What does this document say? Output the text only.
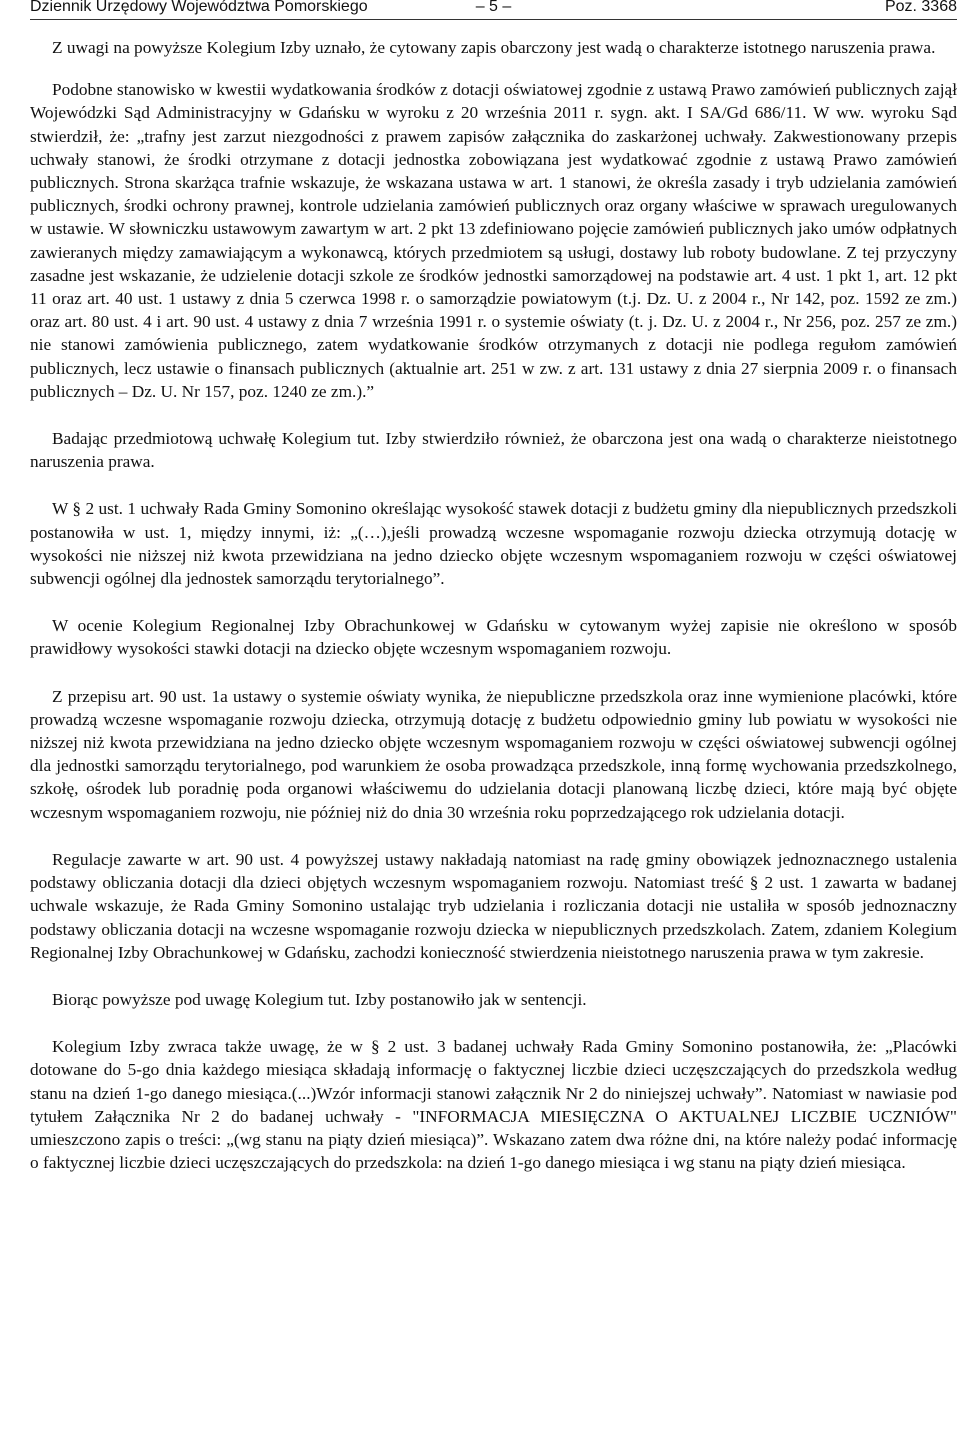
Dziennik Urzędowy Województwa Pomorskiego	– 5 –	Poz. 3368

Z uwagi na powyższe Kolegium Izby uznało, że cytowany zapis obarczony jest wadą o charakterze istotnego naruszenia prawa.

Podobne stanowisko w kwestii wydatkowania środków z dotacji oświatowej zgodnie z ustawą Prawo zamówień publicznych zajął Wojewódzki Sąd Administracyjny w Gdańsku w wyroku z 20 września 2011 r. sygn. akt. I SA/Gd 686/11. W ww. wyroku Sąd stwierdził, że: „trafny jest zarzut niezgodności z prawem zapisów załącznika do zaskarżonej uchwały. Zakwestionowany przepis uchwały stanowi, że środki otrzymane z dotacji jednostka zobowiązana jest wydatkować zgodnie z ustawą Prawo zamówień publicznych. Strona skarżąca trafnie wskazuje, że wskazana ustawa w art. 1 stanowi, że określa zasady i tryb udzielania zamówień publicznych, środki ochrony prawnej, kontrole udzielania zamówień publicznych oraz organy właściwe w sprawach uregulowanych w ustawie. W słowniczku ustawowym zawartym w art. 2 pkt 13 zdefiniowano pojęcie zamówień publicznych jako umów odpłatnych zawieranych między zamawiającym a wykonawcą, których przedmiotem są usługi, dostawy lub roboty budowlane. Z tej przyczyny zasadne jest wskazanie, że udzielenie dotacji szkole ze środków jednostki samorządowej na podstawie art. 4 ust. 1 pkt 1, art. 12 pkt 11 oraz art. 40 ust. 1 ustawy z dnia 5 czerwca 1998 r. o samorządzie powiatowym (t.j. Dz. U. z 2004 r., Nr 142, poz. 1592 ze zm.) oraz art. 80 ust. 4 i art. 90 ust. 4 ustawy z dnia 7 września 1991 r. o systemie oświaty (t. j. Dz. U. z 2004 r., Nr 256, poz. 257 ze zm.) nie stanowi zamówienia publicznego, zatem wydatkowanie środków otrzymanych z dotacji nie podlega regułom zamówień publicznych, lecz ustawie o finansach publicznych (aktualnie art. 251 w zw. z art. 131 ustawy z dnia 27 sierpnia 2009 r. o finansach publicznych – Dz. U. Nr 157, poz. 1240 ze zm.).”

Badając przedmiotową uchwałę Kolegium tut. Izby stwierdziło również, że obarczona jest ona wadą o charakterze nieistotnego naruszenia prawa.

W § 2 ust. 1 uchwały Rada Gminy Somonino określając wysokość stawek dotacji z budżetu gminy dla niepublicznych przedszkoli postanowiła w ust. 1, między innymi, iż: „(…),jeśli prowadzą wczesne wspomaganie rozwoju dziecka otrzymują dotację w wysokości nie niższej niż kwota przewidziana na jedno dziecko objęte wczesnym wspomaganiem rozwoju w części oświatowej subwencji ogólnej dla jednostek samorządu terytorialnego”.

W ocenie Kolegium Regionalnej Izby Obrachunkowej w Gdańsku w cytowanym wyżej zapisie nie określono w sposób prawidłowy wysokości stawki dotacji na dziecko objęte wczesnym wspomaganiem rozwoju.

Z przepisu art. 90 ust. 1a ustawy o systemie oświaty wynika, że niepubliczne przedszkola oraz inne wymienione placówki, które prowadzą wczesne wspomaganie rozwoju dziecka, otrzymują dotację z budżetu odpowiednio gminy lub powiatu w wysokości nie niższej niż kwota przewidziana na jedno dziecko objęte wczesnym wspomaganiem rozwoju w części oświatowej subwencji ogólnej dla jednostki samorządu terytorialnego, pod warunkiem że osoba prowadząca przedszkole, inną formę wychowania przedszkolnego, szkołę, ośrodek lub poradnię poda organowi właściwemu do udzielania dotacji planowaną liczbę dzieci, które mają być objęte wczesnym wspomaganiem rozwoju, nie później niż do dnia 30 września roku poprzedzającego rok udzielania dotacji.

Regulacje zawarte w art. 90 ust. 4 powyższej ustawy nakładają natomiast na radę gminy obowiązek jednoznacznego ustalenia podstawy obliczania dotacji dla dzieci objętych wczesnym wspomaganiem rozwoju. Natomiast treść § 2 ust. 1 zawarta w badanej uchwale wskazuje, że Rada Gminy Somonino ustalając tryb udzielania i rozliczania dotacji nie ustaliła w sposób jednoznaczny podstawy obliczania dotacji na wczesne wspomaganie rozwoju dziecka w niepublicznych przedszkolach. Zatem, zdaniem Kolegium Regionalnej Izby Obrachunkowej w Gdańsku, zachodzi konieczność stwierdzenia nieistotnego naruszenia prawa w tym zakresie.

Biorąc powyższe pod uwagę Kolegium tut. Izby postanowiło jak w sentencji.

Kolegium Izby zwraca także uwagę, że w § 2 ust. 3 badanej uchwały Rada Gminy Somonino postanowiła, że: „Placówki dotowane do 5-go dnia każdego miesiąca składają informację o faktycznej liczbie dzieci uczęszczających do przedszkola według stanu na dzień 1-go danego miesiąca.(...)Wzór informacji stanowi załącznik Nr 2 do niniejszej uchwały”. Natomiast w nawiasie pod tytułem Załącznika Nr 2 do badanej uchwały - "INFORMACJA MIESIĘCZNA O AKTUALNEJ LICZBIE UCZNIÓW" umieszczono zapis o treści: „(wg stanu na piąty dzień miesiąca)”. Wskazano zatem dwa różne dni, na które należy podać informację o faktycznej liczbie dzieci uczęszczających do przedszkola: na dzień 1-go danego miesiąca i wg stanu na piąty dzień miesiąca.
